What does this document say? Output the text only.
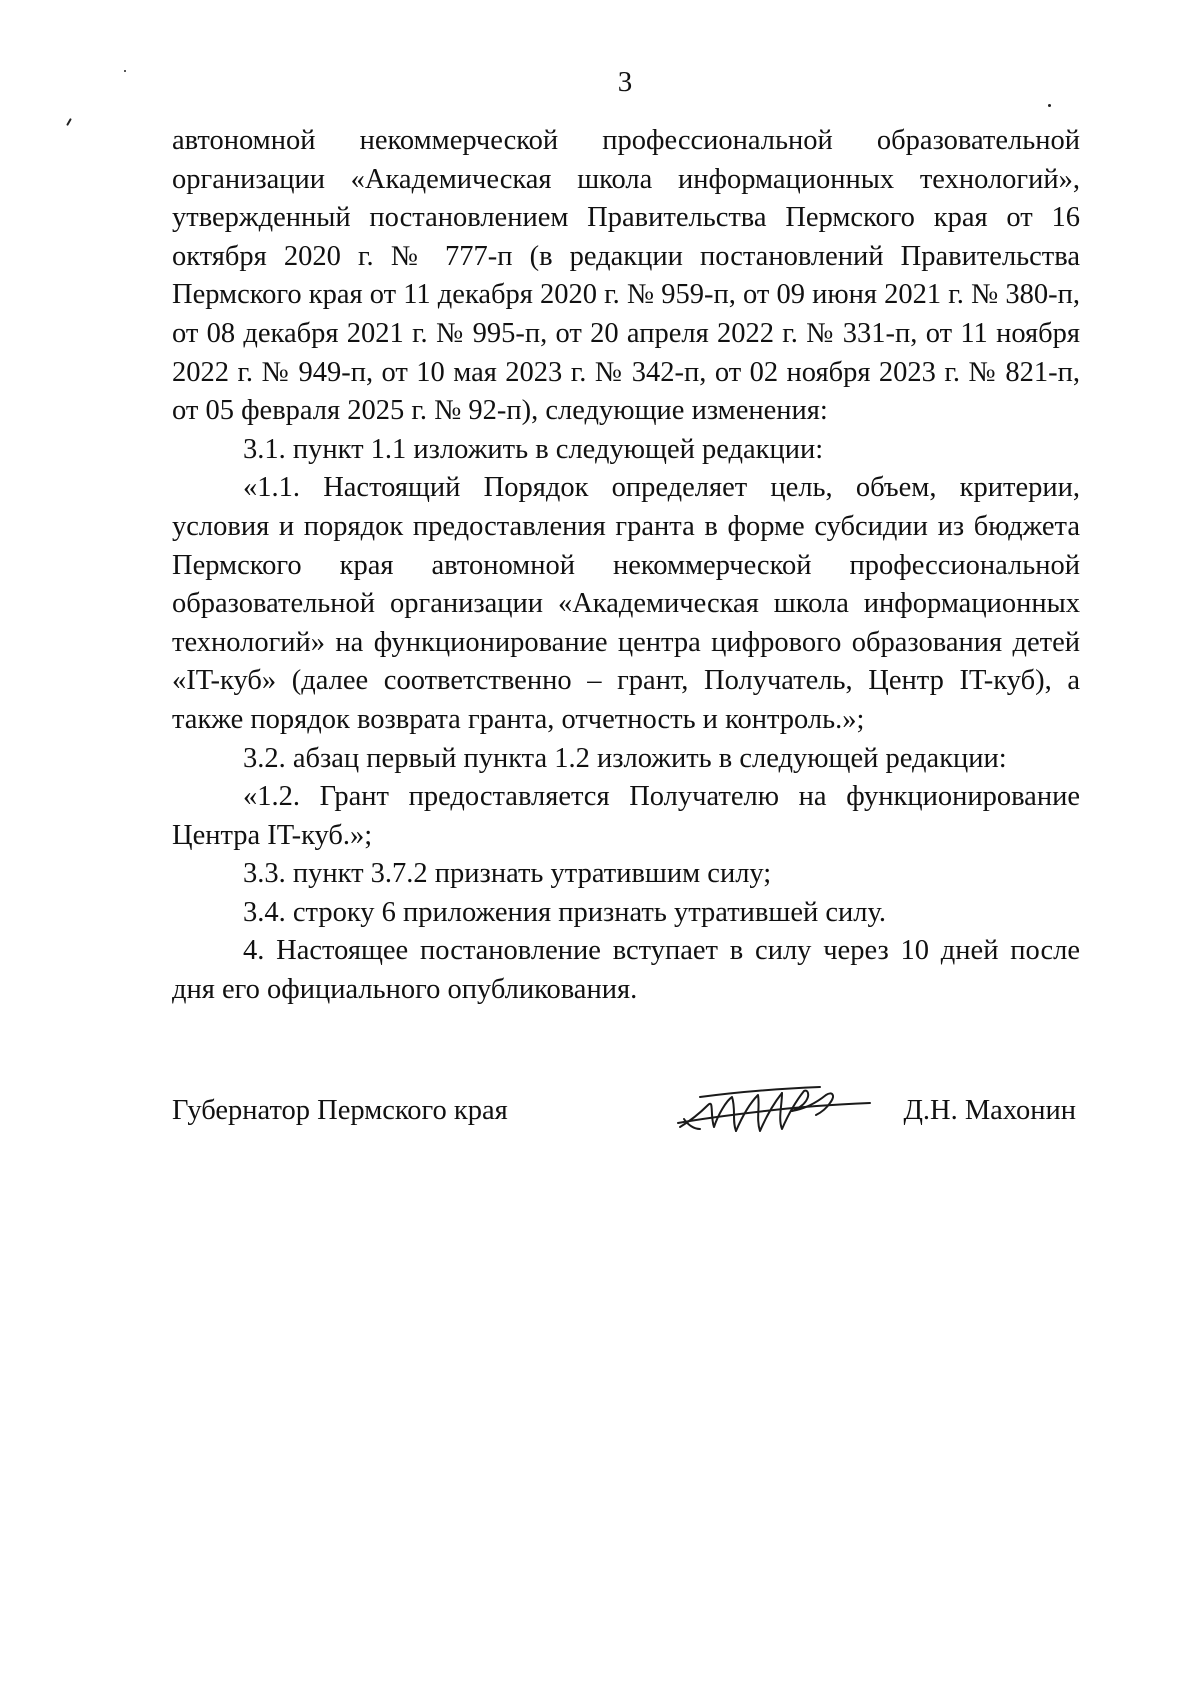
3

автономной некоммерческой профессиональной образовательной организации «Академическая школа информационных технологий», утвержденный постановлением Правительства Пермского края от 16 октября 2020 г. № 777-п (в редакции постановлений Правительства Пермского края от 11 декабря 2020 г. № 959-п, от 09 июня 2021 г. № 380-п, от 08 декабря 2021 г. № 995-п, от 20 апреля 2022 г. № 331-п, от 11 ноября 2022 г. № 949-п, от 10 мая 2023 г. № 342-п, от 02 ноября 2023 г. № 821-п, от 05 февраля 2025 г. № 92-п), следующие изменения:

3.1. пункт 1.1 изложить в следующей редакции:

«1.1. Настоящий Порядок определяет цель, объем, критерии, условия и порядок предоставления гранта в форме субсидии из бюджета Пермского края автономной некоммерческой профессиональной образовательной организации «Академическая школа информационных технологий» на функционирование центра цифрового образования детей «IT-куб» (далее соответственно – грант, Получатель, Центр IT-куб), а также порядок возврата гранта, отчетность и контроль.»;

3.2. абзац первый пункта 1.2 изложить в следующей редакции:

«1.2. Грант предоставляется Получателю на функционирование Центра IT-куб.»;

3.3. пункт 3.7.2 признать утратившим силу;

3.4. строку 6 приложения признать утратившей силу.

4. Настоящее постановление вступает в силу через 10 дней после дня его официального опубликования.

Губернатор Пермского края	Д.Н. Махонин
